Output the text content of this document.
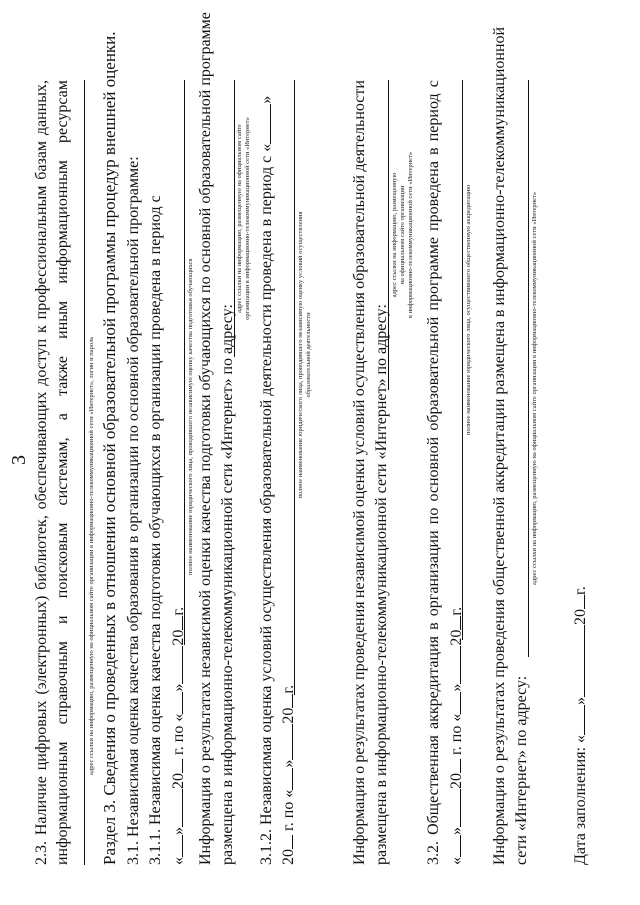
3
2.3.
Наличие
цифровых
(электронных)
библиотек,
обеспечивающих
доступ
к
профессиональным
базам
данных,
информационным
справочным
и
поисковым
системам,
а
также
иным
информационным
ресурсам
адрес ссылки на информацию, размещенную на официальном сайте организации в информационно-телекоммуникационной сети «Интернет», логин и пароль Раздел 3. Сведения о проведенных в отношении основной образовательной программы процедур внешней оценки. 3.1. Независимая оценка качества образования в организации по основной образовательной программе: 3.1.1. Независимая оценка качества подготовки обучающихся в организации проведена в период с «»20 г. по «»20г.
полное наименование юридического лица, проводившего независимую оценку качества подготовки обучающихся Информация о результатах независимой оценки качества подготовки обучающихся по основной образовательной программе размещена в информационно-телекоммуникационной сети «Интернет» по адресу:
адрес ссылки на информацию, размещенную на официальном сайте организации в информационно-телекоммуникационной сети «Интернет» 3.1.2. Независимая оценка условий осуществления образовательной деятельности проведена в период с «»
20 г. по «»20г.
полное наименование юридического лица, проводившего независимую оценку условий осуществления образовательной деятельности
Информация
о
результатах
проведения
независимой
оценки
условий
осуществления
образовательной
деятельности
размещена в информационно-телекоммуникационной сети «Интернет» по адресу:
адрес ссылки на информацию, размещенную на официальном сайте организации в информационно-телекоммуникационной сети «Интернет»
3.2.
Общественная
аккредитация
в
организации
по
основной
образовательной
программе
проведена
в
период
с
«»20 г. по «»20г.
полное наименование юридического лица, осуществившего общественную аккредитацию Информация о результатах проведения общественной аккредитации размещена в информационно-телекоммуникационной сети «Интернет» по адресу:
адрес ссылки на информацию, размещенную на официальном сайте организации в информационно-телекоммуникационной сети «Интернет»
Дата заполнения: «»20г.
